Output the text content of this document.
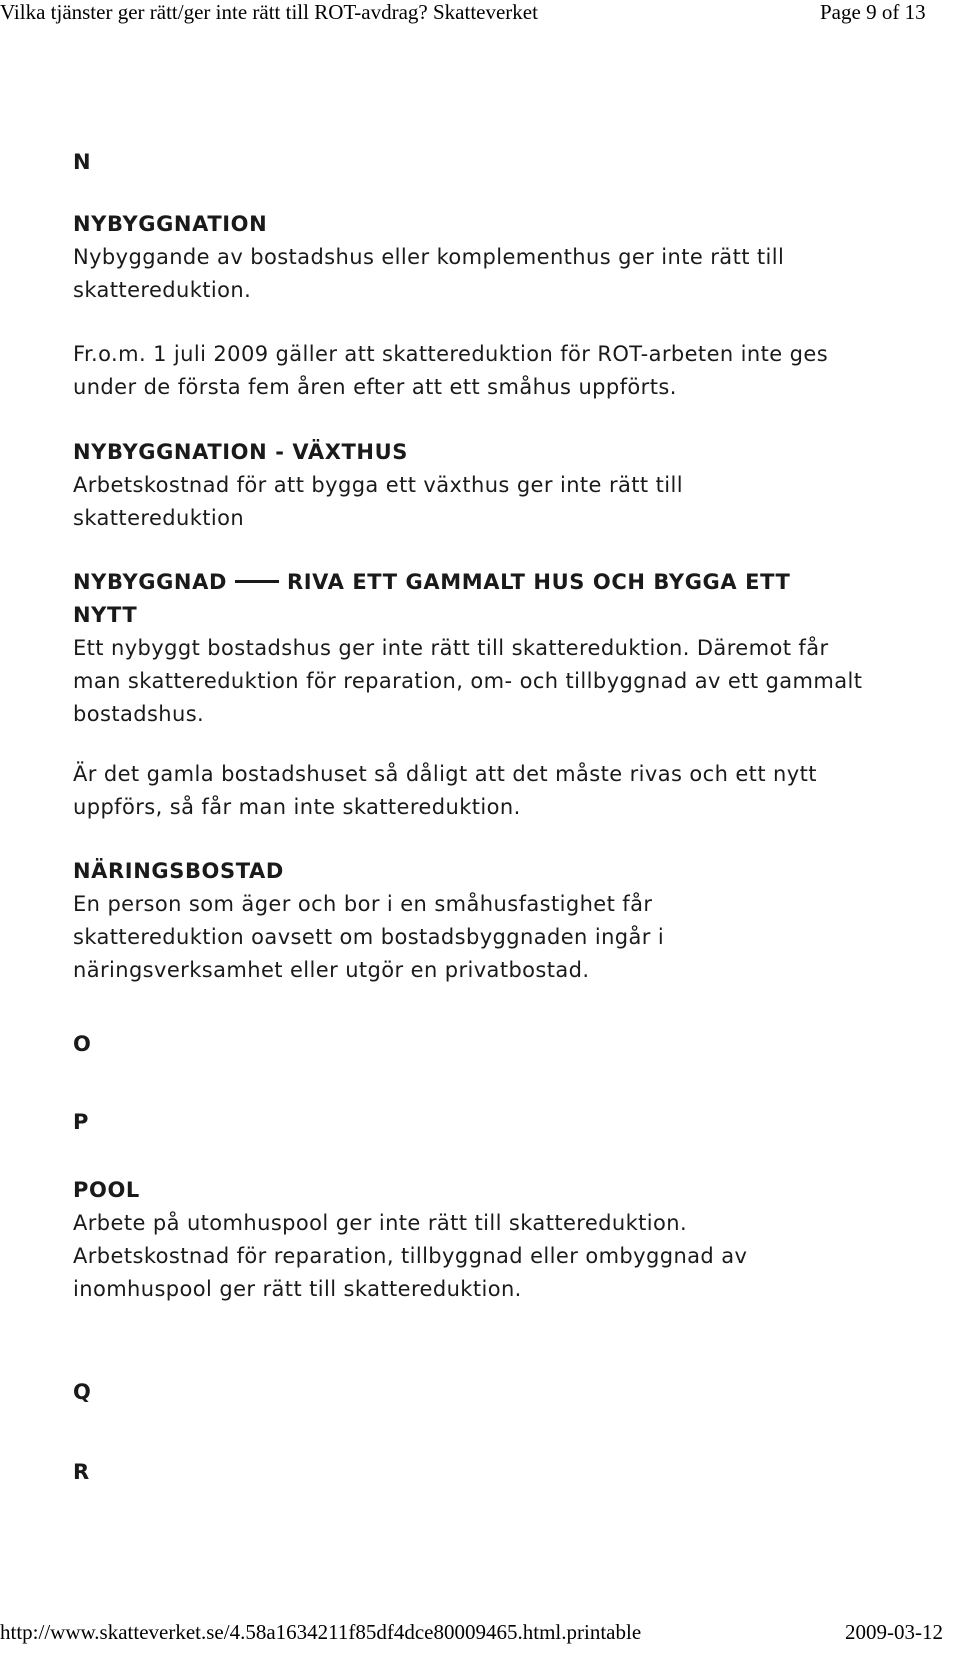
Vilka tjänster ger rätt/ger inte rätt till ROT-avdrag? Skatteverket	Page 9 of 13
N
NYBYGGNATION

Nybyggande av bostadshus eller komplementhus ger inte rätt till skattereduktion.

Fr.o.m. 1 juli 2009 gäller att skattereduktion för ROT-arbeten inte ges under de första fem åren efter att ett småhus uppförts.

NYBYGGNATION - VÄXTHUS

Arbetskostnad för att bygga ett växthus ger inte rätt till skattereduktion

NYBYGGNAD	RIVA ETT GAMMALT HUS OCH BYGGA ETT NYTT

Ett nybyggt bostadshus ger inte rätt till skattereduktion. Däremot får man skattereduktion för reparation, om- och tillbyggnad av ett gammalt bostadshus.

Är det gamla bostadshuset så dåligt att det måste rivas och ett nytt uppförs, så får man inte skattereduktion.

NÄRINGSBOSTAD

En person som äger och bor i en småhusfastighet får skattereduktion oavsett om bostadsbyggnaden ingår i näringsverksamhet eller utgör en privatbostad.

O
P
POOL

Arbete på utomhuspool ger inte rätt till skattereduktion.

Arbetskostnad för reparation, tillbyggnad eller ombyggnad av inomhuspool ger rätt till skattereduktion.

Q
R
http://www.skatteverket.se/4.58a1634211f85df4dce80009465.html.printable	2009-03-12
